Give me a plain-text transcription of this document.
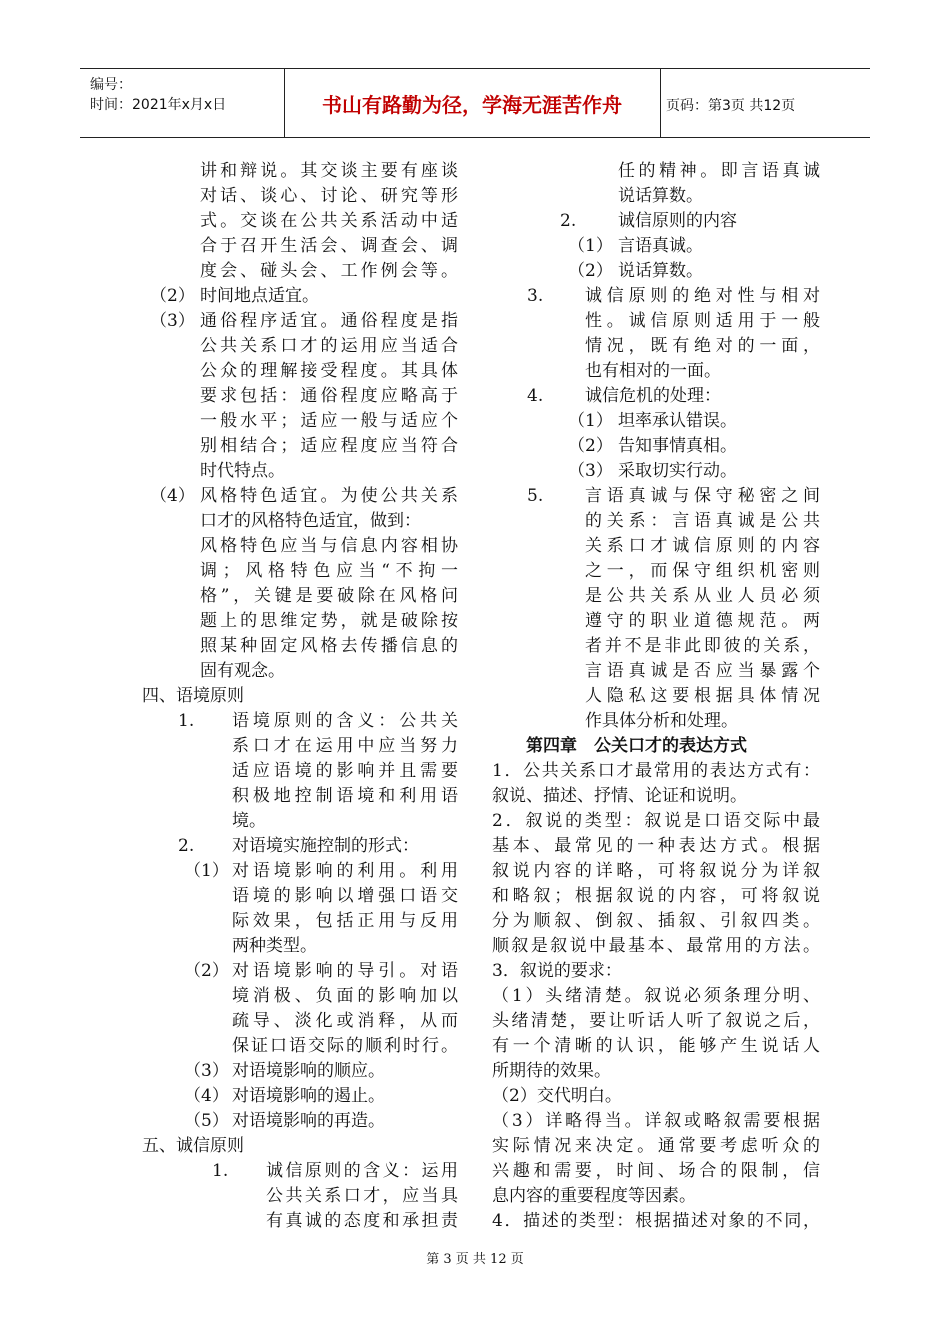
编号：
时间：2021年x月x日	书山有路勤为径，学海无涯苦作舟	页码：第3页 共12页
讲和辩说。其交谈主要有座谈
对话、谈心、讨论、研究等形
式。交谈在公共关系活动中适
合于召开生活会、调查会、调
度会、碰头会、工作例会等。
（2） 时间地点适宜。
（3） 通俗程序适宜。通俗程度是指
公共关系口才的运用应当适合
公众的理解接受程度。其具体
要求包括：通俗程度应略高于
一般水平；适应一般与适应个
别相结合；适应程度应当符合
时代特点。
（4） 风格特色适宜。为使公共关系
口才的风格特色适宜，做到：
风格特色应当与信息内容相协
调；风格特色应当“不拘一
格”，关键是要破除在风格问
题上的思维定势，就是破除按
照某种固定风格去传播信息的
固有观念。
四、语境原则
1. 语境原则的含义：公共关
系口才在运用中应当努力
适应语境的影响并且需要
积极地控制语境和利用语
境。
2. 对语境实施控制的形式：
（1） 对语境影响的利用。利用
语境的影响以增强口语交
际效果，包括正用与反用
两种类型。
（2） 对语境影响的导引。对语
境消极、负面的影响加以
疏导、淡化或消释，从而
保证口语交际的顺利时行。
（3） 对语境影响的顺应。
（4） 对语境影响的遏止。
（5） 对语境影响的再造。
五、诚信原则
1. 诚信原则的含义：运用
公共关系口才，应当具
有真诚的态度和承担责
任的精神。即言语真诚
说话算数。
2. 诚信原则的内容
（1） 言语真诚。
（2） 说话算数。
3. 诚信原则的绝对性与相对
性。诚信原则适用于一般
情况，既有绝对的一面，
也有相对的一面。
4. 诚信危机的处理：
（1） 坦率承认错误。
（2） 告知事情真相。
（3） 采取切实行动。
5. 言语真诚与保守秘密之间
的关系：言语真诚是公共
关系口才诚信原则的内容
之一，而保守组织机密则
是公共关系从业人员必须
遵守的职业道德规范。两
者并不是非此即彼的关系，
言语真诚是否应当暴露个
人隐私这要根据具体情况
作具体分析和处理。
第四章　公关口才的表达方式
1．公共关系口才最常用的表达方式有：
叙说、描述、抒情、论证和说明。
2．叙说的类型：叙说是口语交际中最
基本、最常见的一种表达方式。根据
叙说内容的详略，可将叙说分为详叙
和略叙；根据叙说的内容，可将叙说
分为顺叙、倒叙、插叙、引叙四类。
顺叙是叙说中最基本、最常用的方法。
3．叙说的要求：
（1）头绪清楚。叙说必须条理分明、
头绪清楚，要让听话人听了叙说之后，
有一个清晰的认识，能够产生说话人
所期待的效果。
（2）交代明白。
（3）详略得当。详叙或略叙需要根据
实际情况来决定。通常要考虑听众的
兴趣和需要，时间、场合的限制，信
息内容的重要程度等因素。
4．描述的类型：根据描述对象的不同，
第 3 页 共 12 页
